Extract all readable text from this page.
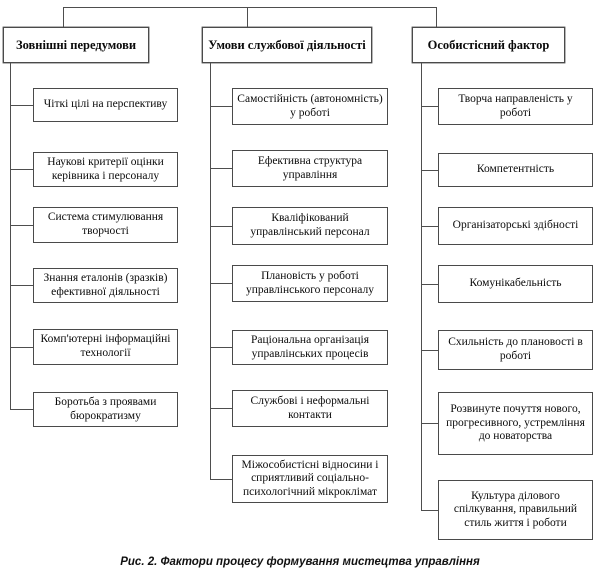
Зовнішні передумови
Чіткі цілі на перспективу
Наукові критерії оцінки керівника і персоналу
Система стимулювання творчості
Знання еталонів (зразків) ефективної діяльності
Комп'ютерні інформаційні технології
Боротьба з проявами бюрократизму
Умови службової діяльності
Самостійність (автономність) у роботі
Ефективна структура управління
Кваліфікований управлінський персонал
Плановість у роботі управлінського персоналу
Раціональна організація управлінських процесів
Службові і неформальні контакти
Міжособистісні відносини і сприятливий соціально-психологічний мікроклімат
Особистісний фактор
Творча направленість у роботі
Компетентність
Організаторські здібності
Комунікабельність
Схильність до плановості в роботі
Розвинуте почуття нового, прогресивного, устремління до новаторства
Культура ділового спілкування, правильний стиль життя і роботи
Рис. 2. Фактори процесу формування мистецтва управління
